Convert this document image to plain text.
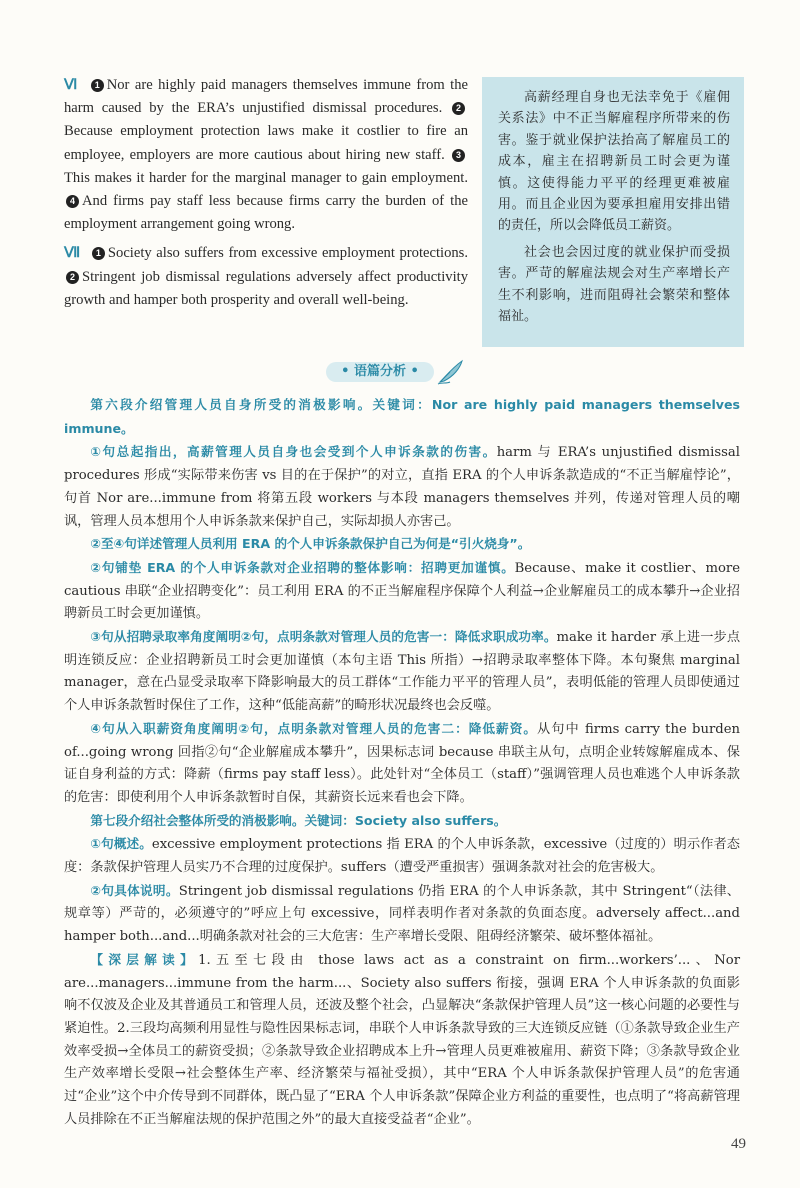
Ⅵ 1 Nor are highly paid managers themselves immune from the harm caused by the ERA’s unjustified dismissal procedures. 2Because employment protection laws make it costlier to fire an employee, employers are more cautious about hiring new staff. 3This makes it harder for the marginal manager to gain employment. 4 And firms pay staff less because firms carry the burden of the employment arrangement going wrong.

Ⅶ 1 Society also suffers from excessive employment protections. 2 Stringent job dismissal regulations adversely affect productivity growth and hamper both prosperity and overall well-being.

高薪经理自身也无法幸免于《雇佣关系法》中不正当解雇程序所带来的伤害。鉴于就业保护法抬高了解雇员工的成本，雇主在招聘新员工时会更为谨慎。这使得能力平平的经理更难被雇用。而且企业因为要承担雇用安排出错的责任，所以会降低员工薪资。

社会也会因过度的就业保护而受损害。严苛的解雇法规会对生产率增长产生不利影响，进而阻碍社会繁荣和整体福祉。

• 语篇分析 •

第六段介绍管理人员自身所受的消极影响。关键词：Nor are highly paid managers themselves immune。

①句总起指出，高薪管理人员自身也会受到个人申诉条款的伤害。harm 与 ERA’s unjustified dismissal procedures 形成“实际带来伤害 vs 目的在于保护”的对立，直指 ERA 的个人申诉条款造成的“不正当解雇悖论”，句首 Nor are...immune from 将第五段 workers 与本段 managers themselves 并列，传递对管理人员的嘲讽，管理人员本想用个人申诉条款来保护自己，实际却损人亦害己。

②至④句详述管理人员利用 ERA 的个人申诉条款保护自己为何是“引火烧身”。

②句铺垫 ERA 的个人申诉条款对企业招聘的整体影响：招聘更加谨慎。Because、make it costlier、more cautious 串联“企业招聘变化”：员工利用 ERA 的不正当解雇程序保障个人利益→企业解雇员工的成本攀升→企业招聘新员工时会更加谨慎。

③句从招聘录取率角度阐明②句，点明条款对管理人员的危害一：降低求职成功率。make it harder 承上进一步点明连锁反应：企业招聘新员工时会更加谨慎（本句主语 This 所指）→招聘录取率整体下降。本句聚焦 marginal manager，意在凸显受录取率下降影响最大的员工群体“工作能力平平的管理人员”，表明低能的管理人员即使通过个人申诉条款暂时保住了工作，这种“低能高薪”的畸形状况最终也会反噬。

④句从入职薪资角度阐明②句，点明条款对管理人员的危害二：降低薪资。从句中 firms carry the burden of...going wrong 回指②句“企业解雇成本攀升”，因果标志词 because 串联主从句，点明企业转嫁解雇成本、保证自身利益的方式：降薪（firms pay staff less）。此处针对“全体员工（staff）”强调管理人员也难逃个人申诉条款的危害：即使利用个人申诉条款暂时自保，其薪资长远来看也会下降。

第七段介绍社会整体所受的消极影响。关键词：Society also suffers。

①句概述。excessive employment protections 指 ERA 的个人申诉条款，excessive（过度的）明示作者态度：条款保护管理人员实乃不合理的过度保护。suffers（遭受严重损害）强调条款对社会的危害极大。

②句具体说明。Stringent job dismissal regulations 仍指 ERA 的个人申诉条款，其中 Stringent“（法律、规章等）严苛的，必须遵守的”呼应上句 excessive，同样表明作者对条款的负面态度。adversely affect...and hamper both...and...明确条款对社会的三大危害：生产率增长受限、阻碍经济繁荣、破坏整体福祉。

【深层解读】1.五至七段由 those laws act as a constraint on firm...workers’...、Nor are...managers...immune from the harm...、Society also suffers 衔接，强调 ERA 个人申诉条款的负面影响不仅波及企业及其普通员工和管理人员，还波及整个社会，凸显解决“条款保护管理人员”这一核心问题的必要性与紧迫性。2.三段均高频利用显性与隐性因果标志词，串联个人申诉条款导致的三大连锁反应链（①条款导致企业生产效率受损→全体员工的薪资受损；②条款导致企业招聘成本上升→管理人员更难被雇用、薪资下降；③条款导致企业生产效率增长受限→社会整体生产率、经济繁荣与福祉受损），其中“ERA 个人申诉条款保护管理人员”的危害通过“企业”这个中介传导到不同群体，既凸显了“ERA 个人申诉条款”保障企业方利益的重要性，也点明了“将高薪管理人员排除在不正当解雇法规的保护范围之外”的最大直接受益者“企业”。

49
